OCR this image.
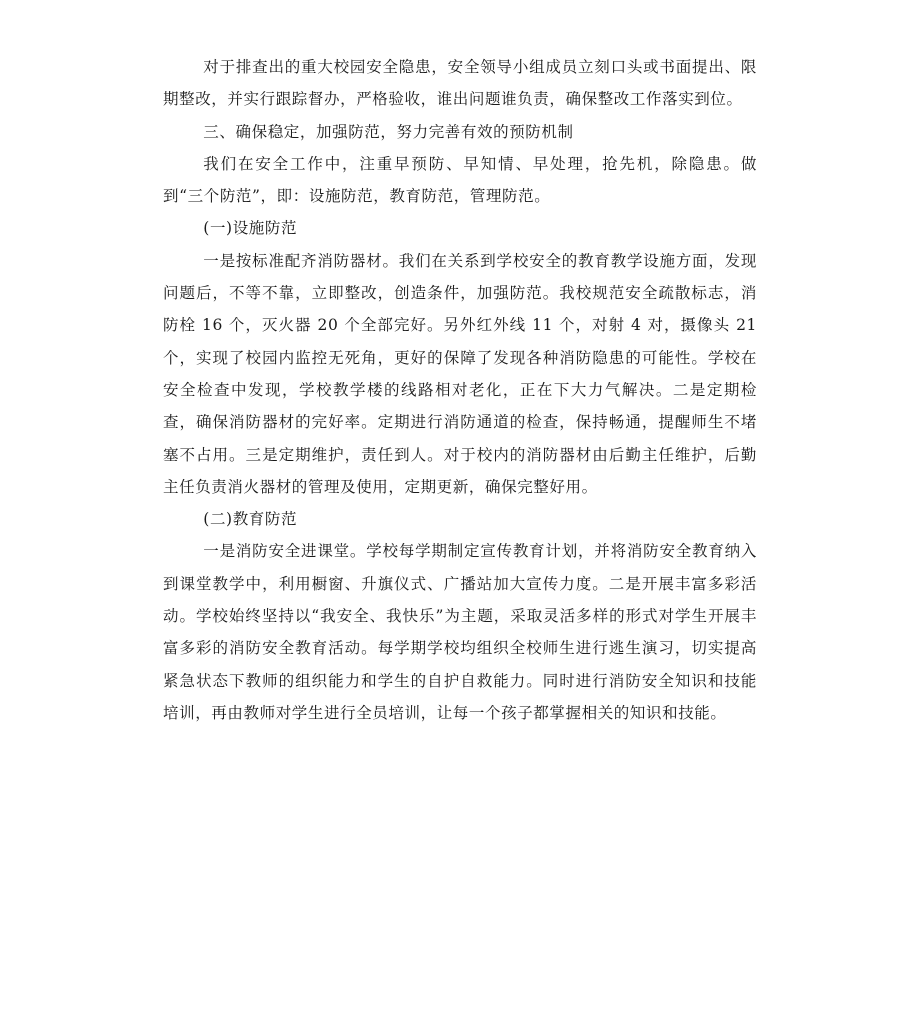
对于排查出的重大校园安全隐患，安全领导小组成员立刻口头或书面提出、限期整改，并实行跟踪督办，严格验收，谁出问题谁负责，确保整改工作落实到位。

三、确保稳定，加强防范，努力完善有效的预防机制

我们在安全工作中，注重早预防、早知情、早处理，抢先机，除隐患。做到“三个防范”，即：设施防范，教育防范，管理防范。

(一)设施防范

一是按标准配齐消防器材。我们在关系到学校安全的教育教学设施方面，发现问题后，不等不靠，立即整改，创造条件，加强防范。我校规范安全疏散标志，消防栓 16 个，灭火器 20 个全部完好。另外红外线 11 个，对射 4 对，摄像头 21 个，实现了校园内监控无死角，更好的保障了发现各种消防隐患的可能性。学校在安全检查中发现，学校教学楼的线路相对老化，正在下大力气解决。二是定期检查，确保消防器材的完好率。定期进行消防通道的检查，保持畅通，提醒师生不堵塞不占用。三是定期维护，责任到人。对于校内的消防器材由后勤主任维护，后勤主任负责消火器材的管理及使用，定期更新，确保完整好用。

(二)教育防范

一是消防安全进课堂。学校每学期制定宣传教育计划，并将消防安全教育纳入到课堂教学中，利用橱窗、升旗仪式、广播站加大宣传力度。二是开展丰富多彩活动。学校始终坚持以“我安全、我快乐”为主题，采取灵活多样的形式对学生开展丰富多彩的消防安全教育活动。每学期学校均组织全校师生进行逃生演习，切实提高紧急状态下教师的组织能力和学生的自护自救能力。同时进行消防安全知识和技能培训，再由教师对学生进行全员培训，让每一个孩子都掌握相关的知识和技能。
